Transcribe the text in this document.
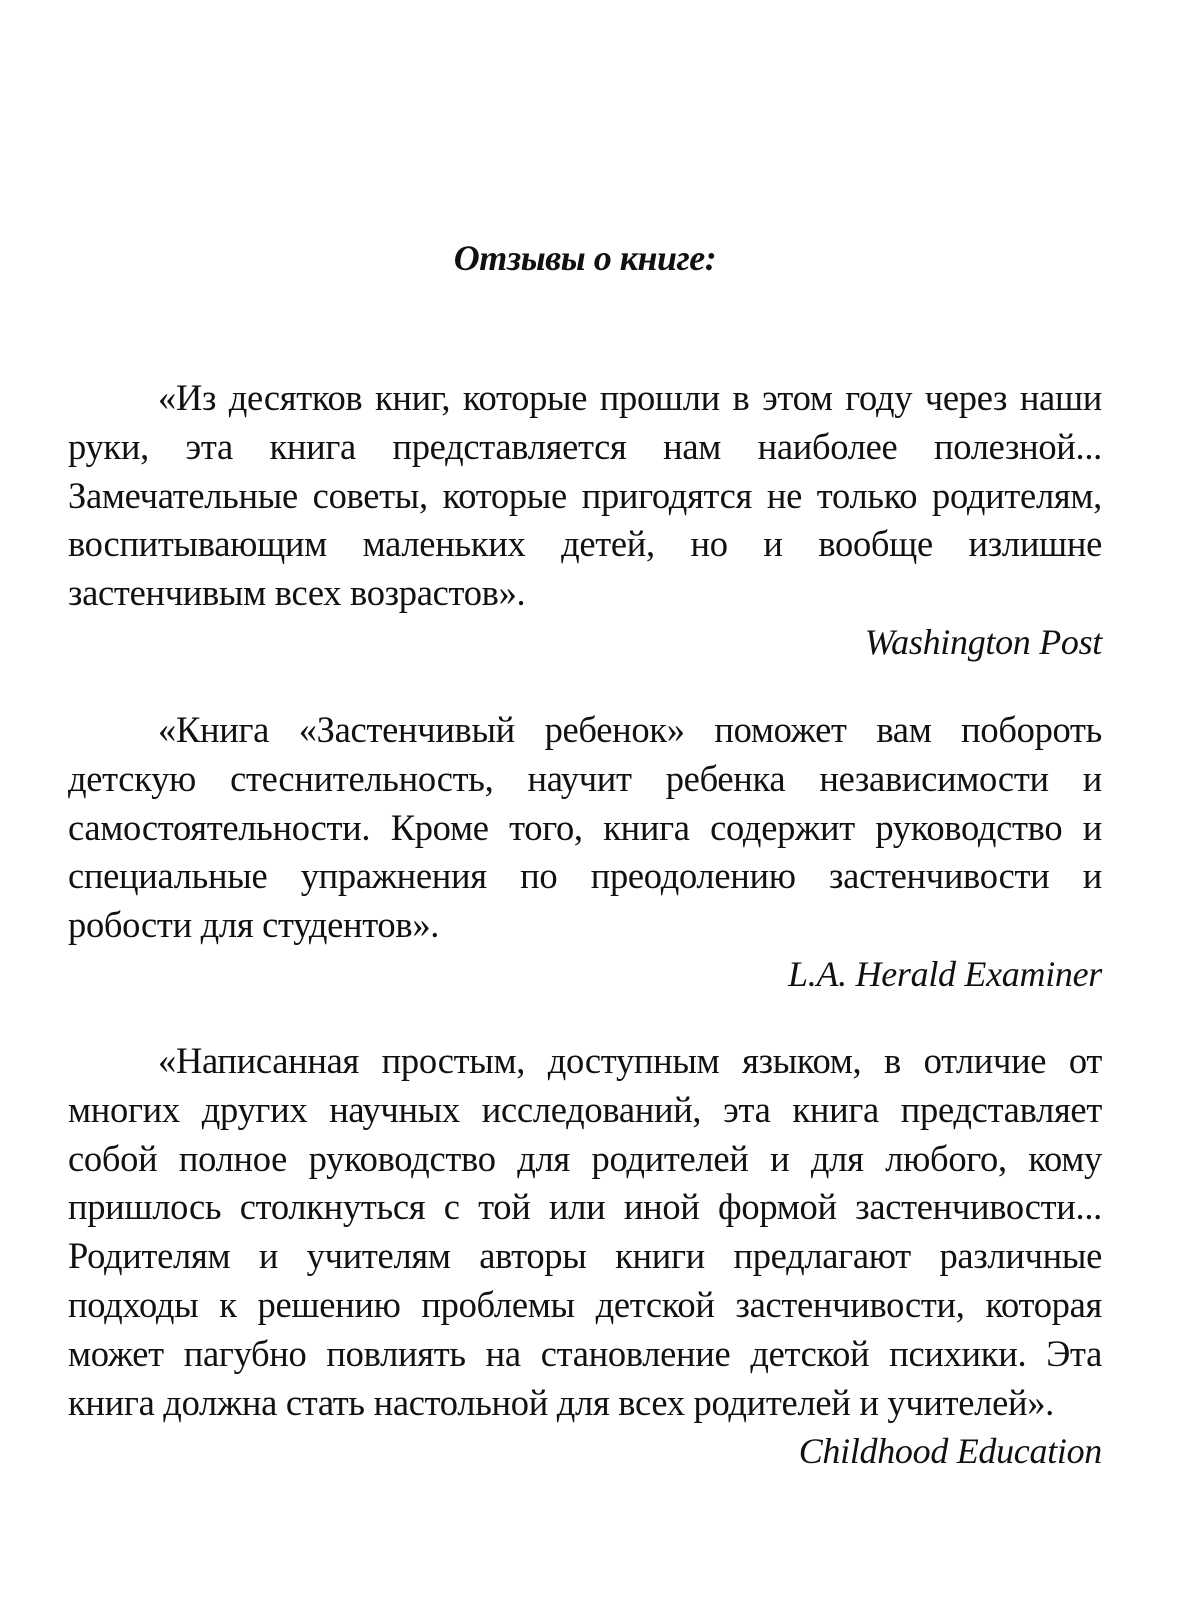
Отзывы о книге:

«Из десятков книг, которые прошли в этом году через наши руки, эта книга представляется нам наиболее полезной... Замечательные советы, которые пригодятся не только родителям, воспитывающим маленьких детей, но и вообще излишне застенчивым всех возрастов».

Washington Post

«Книга «Застенчивый ребенок» поможет вам побороть детскую стеснительность, научит ребенка независимости и самостоятельности. Кроме того, книга содержит руководство и специальные упражнения по преодолению застенчивости и робости для студентов».

L.A. Herald Examiner

«Написанная простым, доступным языком, в отличие от многих других научных исследований, эта книга представляет собой полное руководство для родителей и для любого, кому пришлось столкнуться с той или иной формой застенчивости... Родителям и учителям авторы книги предлагают различные подходы к решению проблемы детской застенчивости, которая может пагубно повлиять на становление детской психики. Эта книга должна стать настольной для всех родителей и учителей».

Childhood Education
